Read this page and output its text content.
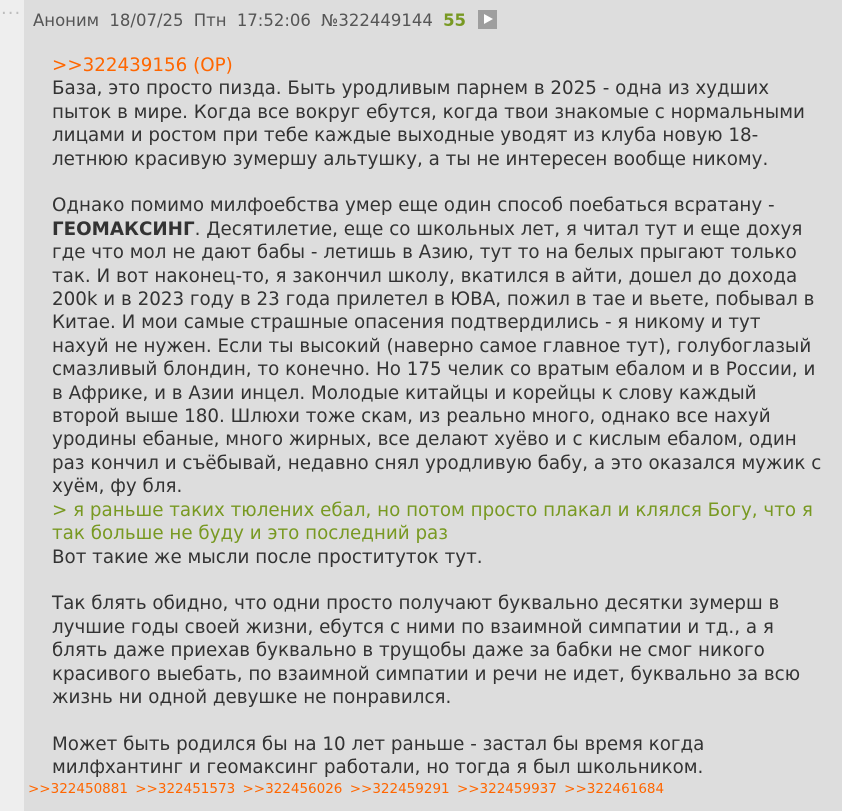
··· Аноним 18/07/25 Птн 17:52:06 №322449144 55

>>322439156 (OP)

База, это просто пизда. Быть уродливым парнем в 2025 - одна из худших пыток в мире. Когда все вокруг ебутся, когда твои знакомые с нормальными лицами и ростом при тебе каждые выходные уводят из клуба новую 18-летнюю красивую зумершу альтушку, а ты не интересен вообще никому.

Однако помимо милфоебства умер еще один способ поебаться всратану - ГЕОМАКСИНГ. Десятилетие, еще со школьных лет, я читал тут и еще дохуя где что мол не дают бабы - летишь в Азию, тут то на белых прыгают только так. И вот наконец-то, я закончил школу, вкатился в айти, дошел до дохода 200k и в 2023 году в 23 года прилетел в ЮВА, пожил в тае и вьете, побывал в Китае. И мои самые страшные опасения подтвердились - я никому и тут нахуй не нужен. Если ты высокий (наверно самое главное тут), голубоглазый смазливый блондин, то конечно. Но 175 челик со вратым ебалом и в России, и в Африке, и в Азии инцел. Молодые китайцы и корейцы к слову каждый второй выше 180. Шлюхи тоже скам, из реально много, однако все нахуй уродины ебаные, много жирных, все делают хуёво и с кислым ебалом, один раз кончил и съёбывай, недавно снял уродливую бабу, а это оказался мужик с хуём, фу бля.

> я раньше таких тюлених ебал, но потом просто плакал и клялся Богу, что я так больше не буду и это последний раз

Вот такие же мысли после проституток тут.

Так блять обидно, что одни просто получают буквально десятки зумерш в лучшие годы своей жизни, ебутся с ними по взаимной симпатии и тд., а я блять даже приехав буквально в трущобы даже за бабки не смог никого красивого выебать, по взаимной симпатии и речи не идет, буквально за всю жизнь ни одной девушке не понравился.

Может быть родился бы на 10 лет раньше - застал бы время когда милфхантинг и геомаксинг работали, но тогда я был школьником.

>>322450881 >>322451573 >>322456026 >>322459291 >>322459937 >>322461684
